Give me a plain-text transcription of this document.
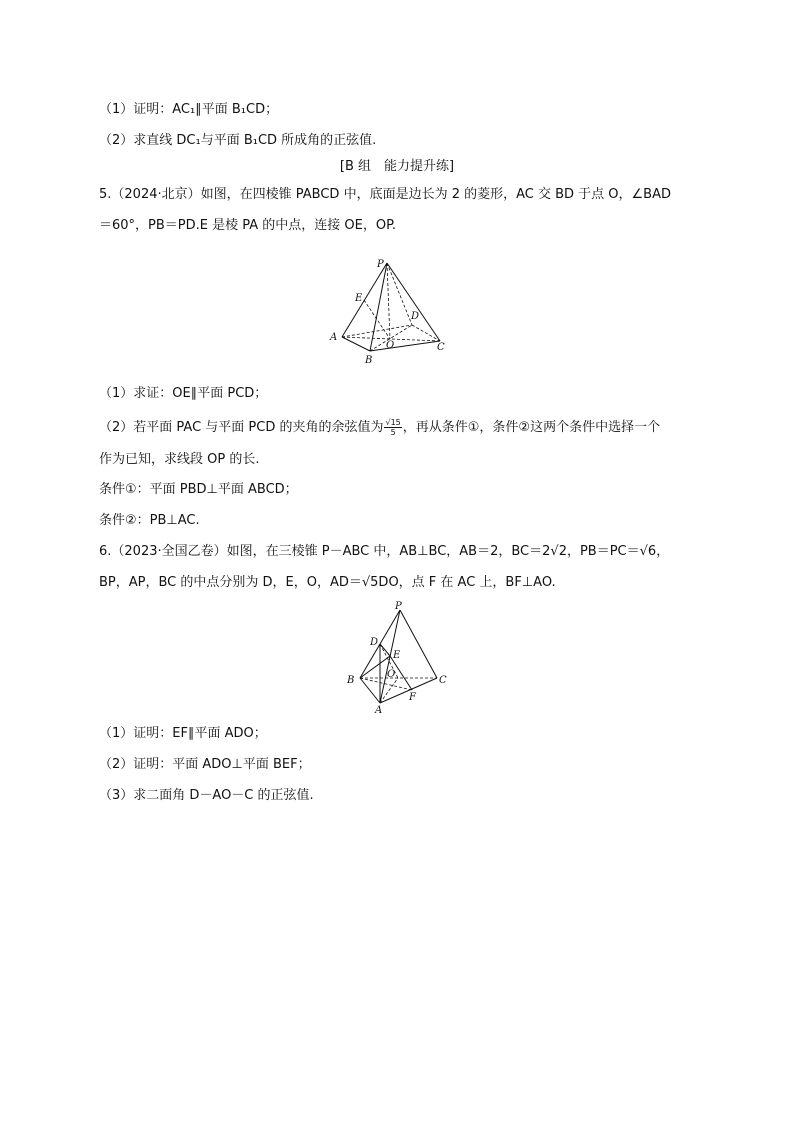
（1）证明：AC₁∥平面 B₁CD；
（2）求直线 DC₁与平面 B₁CD 所成角的正弦值.
[B 组　能力提升练]
5.（2024·北京）如图，在四棱锥 PABCD 中，底面是边长为 2 的菱形，AC 交 BD 于点 O，∠BAD
＝60°，PB＝PD.E 是棱 PA 的中点，连接 OE，OP.
P
E
D
A
O	C
B
（1）求证：OE∥平面 PCD；
（2）若平面 PAC 与平面 PCD 的夹角的余弦值为 $\frac{√15}{5}$ ，再从条件①，条件②这两个条件中选择一个
作为已知，求线段 OP 的长.
条件①：平面 PBD⊥平面 ABCD；
条件②：PB⊥AC.
6.（2023·全国乙卷）如图，在三棱锥 P－ABC 中，AB⊥BC，AB＝2，BC＝2√2，PB＝PC＝√6，
BP，AP，BC 的中点分别为 D，E，O，AD＝√5DO，点 F 在 AC 上，BF⊥AO.
P
D
E
B
O
C
F
A
（1）证明：EF∥平面 ADO；
（2）证明：平面 ADO⊥平面 BEF；
（3）求二面角 D－AO－C 的正弦值.
